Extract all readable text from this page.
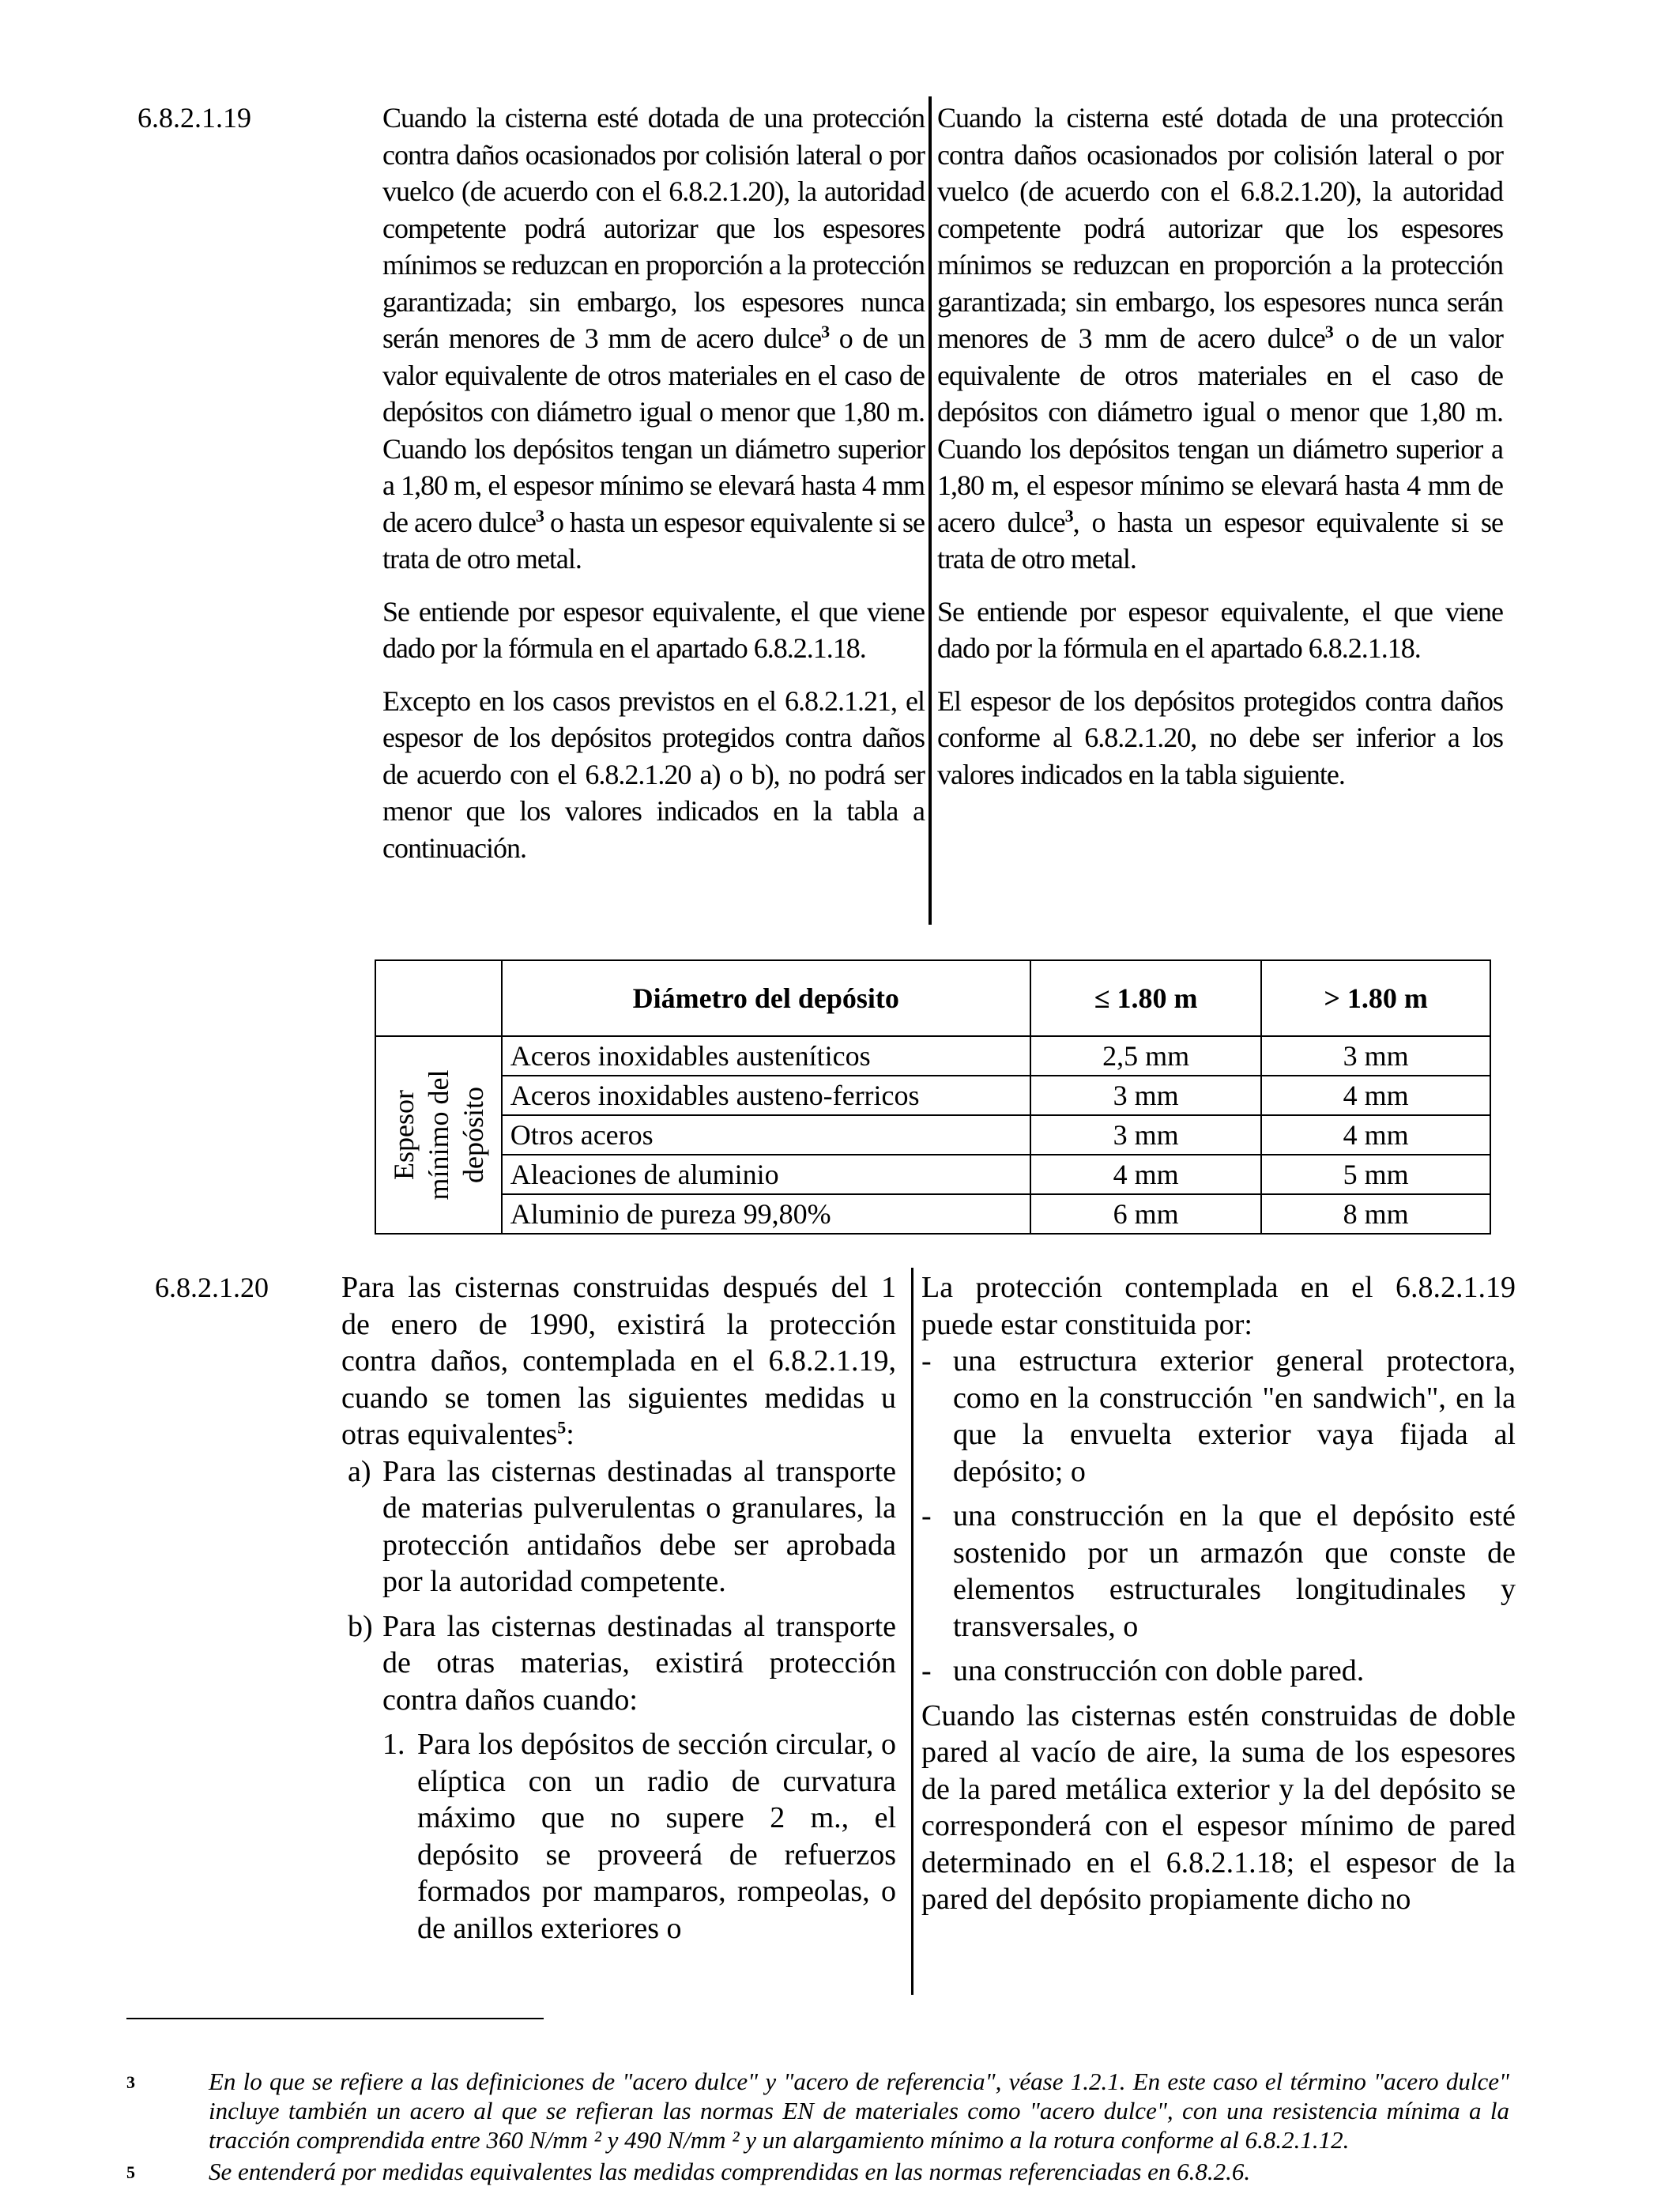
6.8.2.1.19	Cuando la cisterna esté dotada de una protección contra daños ocasionados por colisión lateral o por vuelco (de acuerdo con el 6.8.2.1.20), la autoridad competente podrá autorizar que los espesores mínimos se reduzcan en proporción a la protección garantizada; sin embargo, los espesores nunca serán menores de 3 mm de acero dulce$^3$ o de un valor equivalente de otros materiales en el caso de depósitos con diámetro igual o menor que 1,80 m. Cuando los depósitos tengan un diámetro superior a 1,80 m, el espesor mínimo se elevará hasta 4 mm de acero dulce$^3$ o hasta un espesor equivalente si se trata de otro metal.

Se entiende por espesor equivalente, el que viene dado por la fórmula en el apartado 6.8.2.1.18.

Excepto en los casos previstos en el 6.8.2.1.21, el espesor de los depósitos protegidos contra daños de acuerdo con el 6.8.2.1.20 a) o b), no podrá ser menor que los valores indicados en la tabla a continuación.

Cuando la cisterna esté dotada de una protección contra daños ocasionados por colisión lateral o por vuelco (de acuerdo con el 6.8.2.1.20), la autoridad competente podrá autorizar que los espesores mínimos se reduzcan en proporción a la protección garantizada; sin embargo, los espesores nunca serán menores de 3 mm de acero dulce$^3$ o de un valor equivalente de otros materiales en el caso de depósitos con diámetro igual o menor que 1,80 m. Cuando los depósitos tengan un diámetro superior a 1,80 m, el espesor mínimo se elevará hasta 4 mm de acero dulce$^3$, o hasta un espesor equivalente si se trata de otro metal.

Se entiende por espesor equivalente, el que viene dado por la fórmula en el apartado 6.8.2.1.18.

El espesor de los depósitos protegidos contra daños conforme al 6.8.2.1.20, no debe ser inferior a los valores indicados en la tabla siguiente.

	Diámetro del depósito	≤ 1.80 m	> 1.80 m

Espesor mínimo del depósito	Aceros inoxidables austeníticos	2,5 mm	3 mm
	Aceros inoxidables austeno-ferricos	3 mm	4 mm
	Otros aceros	3 mm	4 mm
	Aleaciones de aluminio	4 mm	5 mm
	Aluminio de pureza 99,80%	6 mm	8 mm
6.8.2.1.20 Para las cisternas construidas después del 1 de enero de 1990, existirá la protección contra daños, contemplada en el 6.8.2.1.19, cuando se tomen las siguientes medidas u otras equivalentes$^5$:

a) Para las cisternas destinadas al transporte de materias pulverulentas o granulares, la protección antidaños debe ser aprobada por la autoridad competente.
b) Para las cisternas destinadas al transporte de otras materias, existirá protección contra daños cuando:
1. Para los depósitos de sección circular, o elíptica con un radio de curvatura máximo que no supere 2 m., el depósito se proveerá de refuerzos formados por mamparos, rompeolas, o de anillos exteriores o

La protección contemplada en el 6.8.2.1.19 puede estar constituida por:

- una estructura exterior general protectora, como en la construcción "en sandwich", en la que la envuelta exterior vaya fijada al depósito; o
- una construcción en la que el depósito esté sostenido por un armazón que conste de elementos estructurales longitudinales y transversales, o
- una construcción con doble pared.

Cuando las cisternas estén construidas de doble pared al vacío de aire, la suma de los espesores de la pared metálica exterior y la del depósito se corresponderá con el espesor mínimo de pared determinado en el 6.8.2.1.18; el espesor de la pared del depósito propiamente dicho no

3	En lo que se refiere a las definiciones de "acero dulce" y "acero de referencia", véase 1.2.1. En este caso el término "acero dulce" incluye también un acero al que se refieran las normas EN de materiales como "acero dulce", con una resistencia mínima a la tracción comprendida entre 360 N/mm ² y 490 N/mm ² y un alargamiento mínimo a la rotura conforme al 6.8.2.1.12.
5	Se entenderá por medidas equivalentes las medidas comprendidas en las normas referenciadas en 6.8.2.6.
